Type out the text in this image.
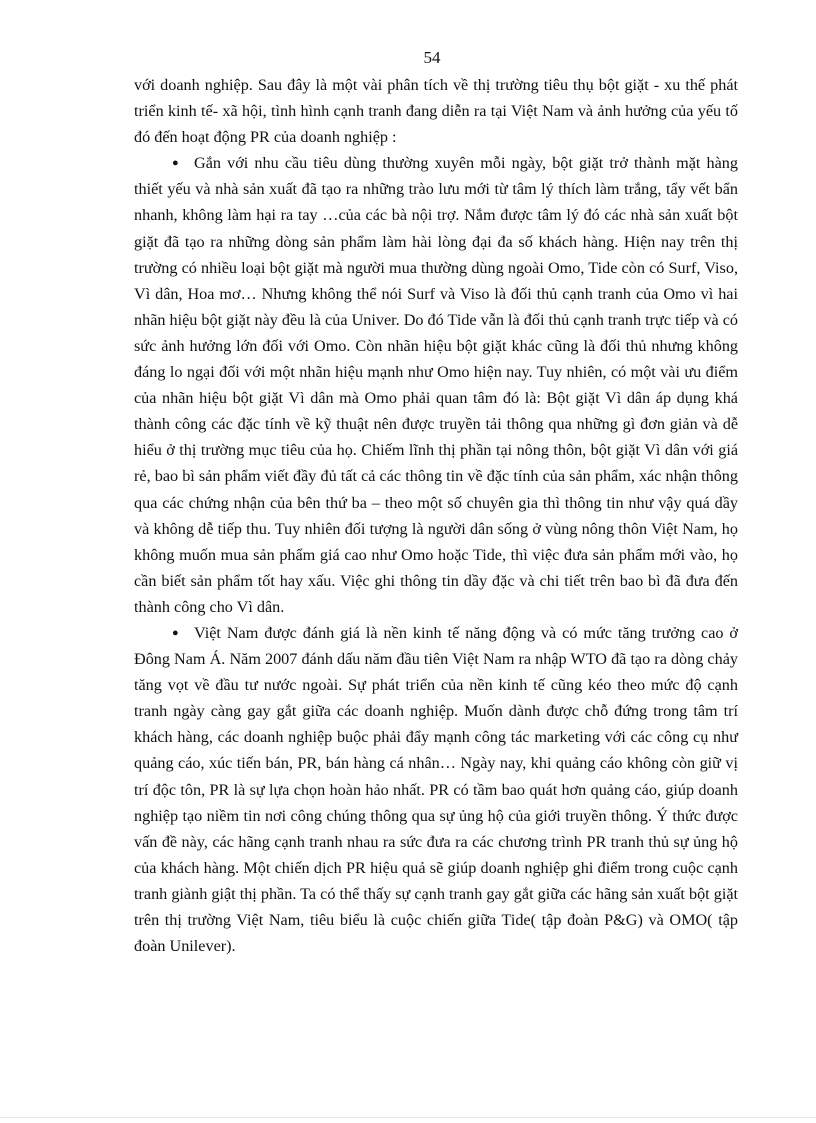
54

với doanh nghiệp. Sau đây là một vài phân tích về thị trường tiêu thụ bột giặt - xu thế phát triển kinh tế- xã hội, tình hình cạnh tranh đang diễn ra tại Việt Nam và ảnh hưởng của yếu tố đó đến hoạt động PR của doanh nghiệp :

● Gắn với nhu cầu tiêu dùng thường xuyên mỗi ngày, bột giặt trở thành mặt hàng thiết yếu và nhà sản xuất đã tạo ra những trào lưu mới từ tâm lý thích làm trắng, tẩy vết bẩn nhanh, không làm hại ra tay …của các bà nội trợ. Nắm được tâm lý đó các nhà sản xuất bột giặt đã tạo ra những dòng sản phẩm làm hài lòng đại đa số khách hàng. Hiện nay trên thị trường có nhiều loại bột giặt mà người mua thường dùng ngoài Omo, Tide còn có Surf, Viso, Vì dân, Hoa mơ… Nhưng không thể nói Surf và Viso là đối thủ cạnh tranh của Omo vì hai nhãn hiệu bột giặt này đều là của Univer. Do đó Tide vẫn là đối thủ cạnh tranh trực tiếp và có sức ảnh hưởng lớn đối với Omo. Còn nhãn hiệu bột giặt khác cũng là đối thủ nhưng không đáng lo ngại đối với một nhãn hiệu mạnh như Omo hiện nay. Tuy nhiên, có một vài ưu điểm của nhãn hiệu bột giặt Vì dân mà Omo phải quan tâm đó là: Bột giặt Vì dân áp dụng khá thành công các đặc tính về kỹ thuật nên được truyền tải thông qua những gì đơn giản và dễ hiểu ở thị trường mục tiêu của họ. Chiếm lĩnh thị phần tại nông thôn, bột giặt Vì dân với giá rẻ, bao bì sản phẩm viết đầy đủ tất cả các thông tin về đặc tính của sản phẩm, xác nhận thông qua các chứng nhận của bên thứ ba – theo một số chuyên gia thì thông tin như vậy quá dầy và không dễ tiếp thu. Tuy nhiên đối tượng là người dân sống ở vùng nông thôn Việt Nam, họ không muốn mua sản phẩm giá cao như Omo hoặc Tide, thì việc đưa sản phẩm mới vào, họ cần biết sản phẩm tốt hay xấu. Việc ghi thông tin dầy đặc và chi tiết trên bao bì đã đưa đến thành công cho Vì dân.

● Việt Nam được đánh giá là nền kinh tế năng động và có mức tăng trưởng cao ở Đông Nam Á. Năm 2007 đánh dấu năm đầu tiên Việt Nam ra nhập WTO đã tạo ra dòng chảy tăng vọt về đầu tư nước ngoài. Sự phát triển của nền kinh tế cũng kéo theo mức độ cạnh tranh ngày càng gay gắt giữa các doanh nghiệp. Muốn dành được chỗ đứng trong tâm trí khách hàng, các doanh nghiệp buộc phải đẩy mạnh công tác marketing với các công cụ như quảng cáo, xúc tiến bán, PR, bán hàng cá nhân… Ngày nay, khi quảng cáo không còn giữ vị trí độc tôn, PR là sự lựa chọn hoàn hảo nhất. PR có tầm bao quát hơn quảng cáo, giúp doanh nghiệp tạo niềm tin nơi công chúng thông qua sự ủng hộ của giới truyền thông. Ý thức được vấn đề này, các hãng cạnh tranh nhau ra sức đưa ra các chương trình PR tranh thủ sự ủng hộ của khách hàng. Một chiến dịch PR hiệu quả sẽ giúp doanh nghiệp ghi điểm trong cuộc cạnh tranh giành giật thị phần. Ta có thể thấy sự cạnh tranh gay gắt giữa các hãng sản xuất bột giặt trên thị trường Việt Nam, tiêu biểu là cuộc chiến giữa Tide( tập đoàn P&G) và OMO( tập đoàn Unilever).
